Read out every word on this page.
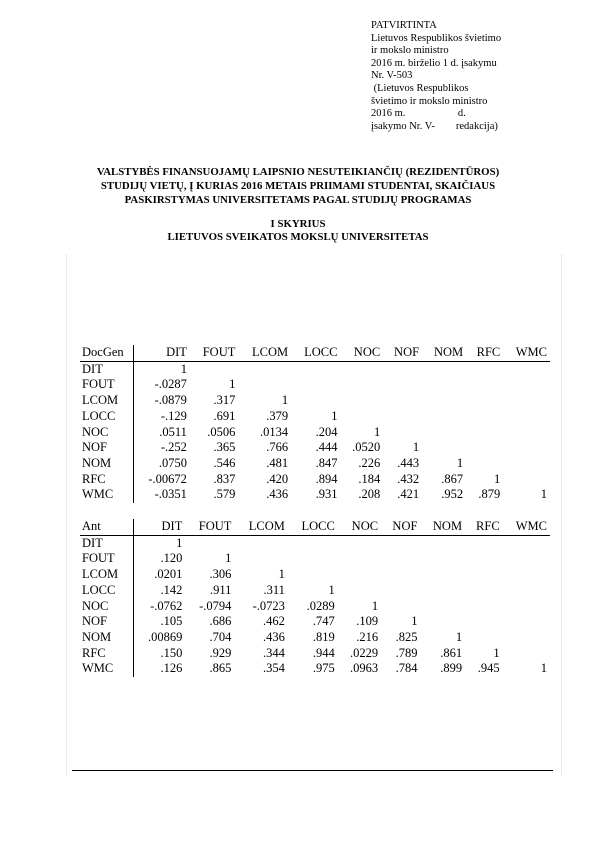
PATVIRTINTA
Lietuvos Respublikos švietimo
ir mokslo ministro
2016 m. birželio 1 d. įsakymu
Nr. V-503
(Lietuvos Respublikos
švietimo ir mokslo ministro
2016 m.                    d.
įsakymo Nr. V-        redakcija)
VALSTYBĖS FINANSUOJAMŲ LAIPSNIO NESUTEIKIANČIŲ (REZIDENTŪROS)
STUDIJŲ VIETŲ, Į KURIAS 2016 METAIS PRIIMAMI STUDENTAI, SKAIČIAUS
PASKIRSTYMAS UNIVERSITETAMS PAGAL STUDIJŲ PROGRAMAS
I SKYRIUS
LIETUVOS SVEIKATOS MOKSLŲ UNIVERSITETAS
DocGen	DIT	FOUT	LCOM	LOCC	NOC	NOF	NOM	RFC	WMC
DIT	1								
FOUT	-.0287	1							
LCOM	-.0879	.317	1						
LOCC	-.129	.691	.379	1					
NOC	.0511	.0506	.0134	.204	1				
NOF	-.252	.365	.766	.444	.0520	1			
NOM	.0750	.546	.481	.847	.226	.443	1		
RFC	-.00672	.837	.420	.894	.184	.432	.867	1	
WMC	-.0351	.579	.436	.931	.208	.421	.952	.879	1
Ant	DIT	FOUT	LCOM	LOCC	NOC	NOF	NOM	RFC	WMC
DIT	1								
FOUT	.120	1							
LCOM	.0201	.306	1						
LOCC	.142	.911	.311	1					
NOC	-.0762	-.0794	-.0723	.0289	1				
NOF	.105	.686	.462	.747	.109	1			
NOM	.00869	.704	.436	.819	.216	.825	1		
RFC	.150	.929	.344	.944	.0229	.789	.861	1	
WMC	.126	.865	.354	.975	.0963	.784	.899	.945	1
